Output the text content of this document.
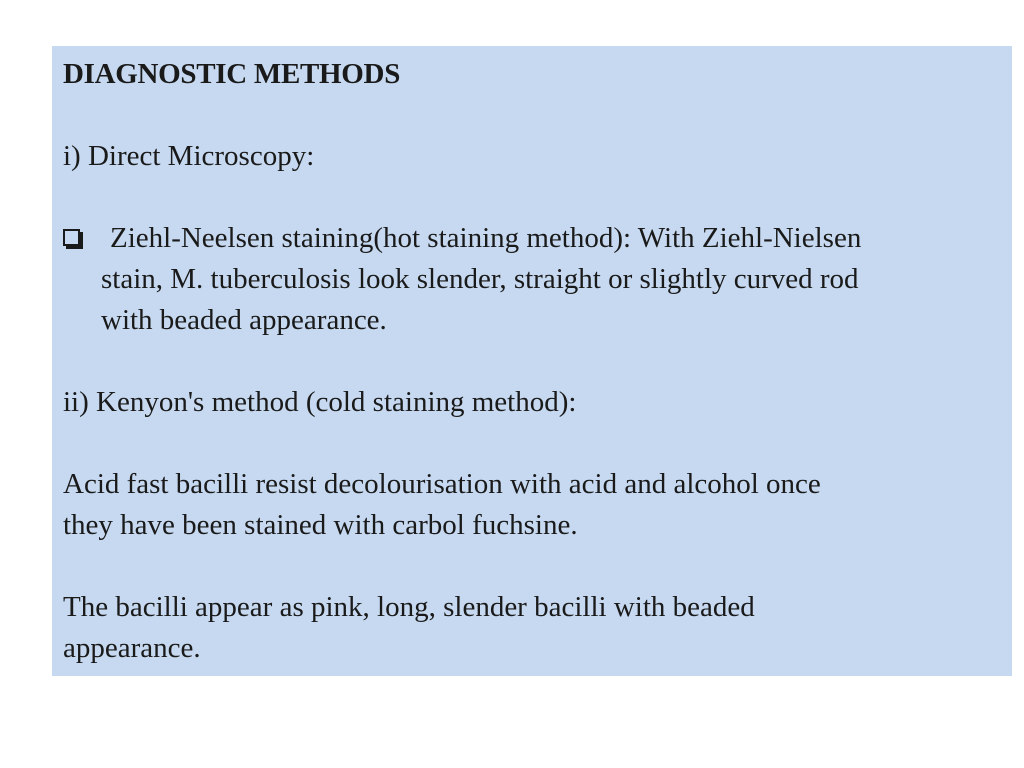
DIAGNOSTIC METHODS
i) Direct Microscopy:
Ziehl-Neelsen staining(hot staining method): With Ziehl-Nielsen
stain, M. tuberculosis look slender, straight or slightly curved rod
with beaded appearance.
ii) Kenyon's method (cold staining method):
Acid fast bacilli resist decolourisation with acid and alcohol once
they have been stained with carbol fuchsine.
The bacilli appear as pink, long, slender bacilli with beaded
appearance.
